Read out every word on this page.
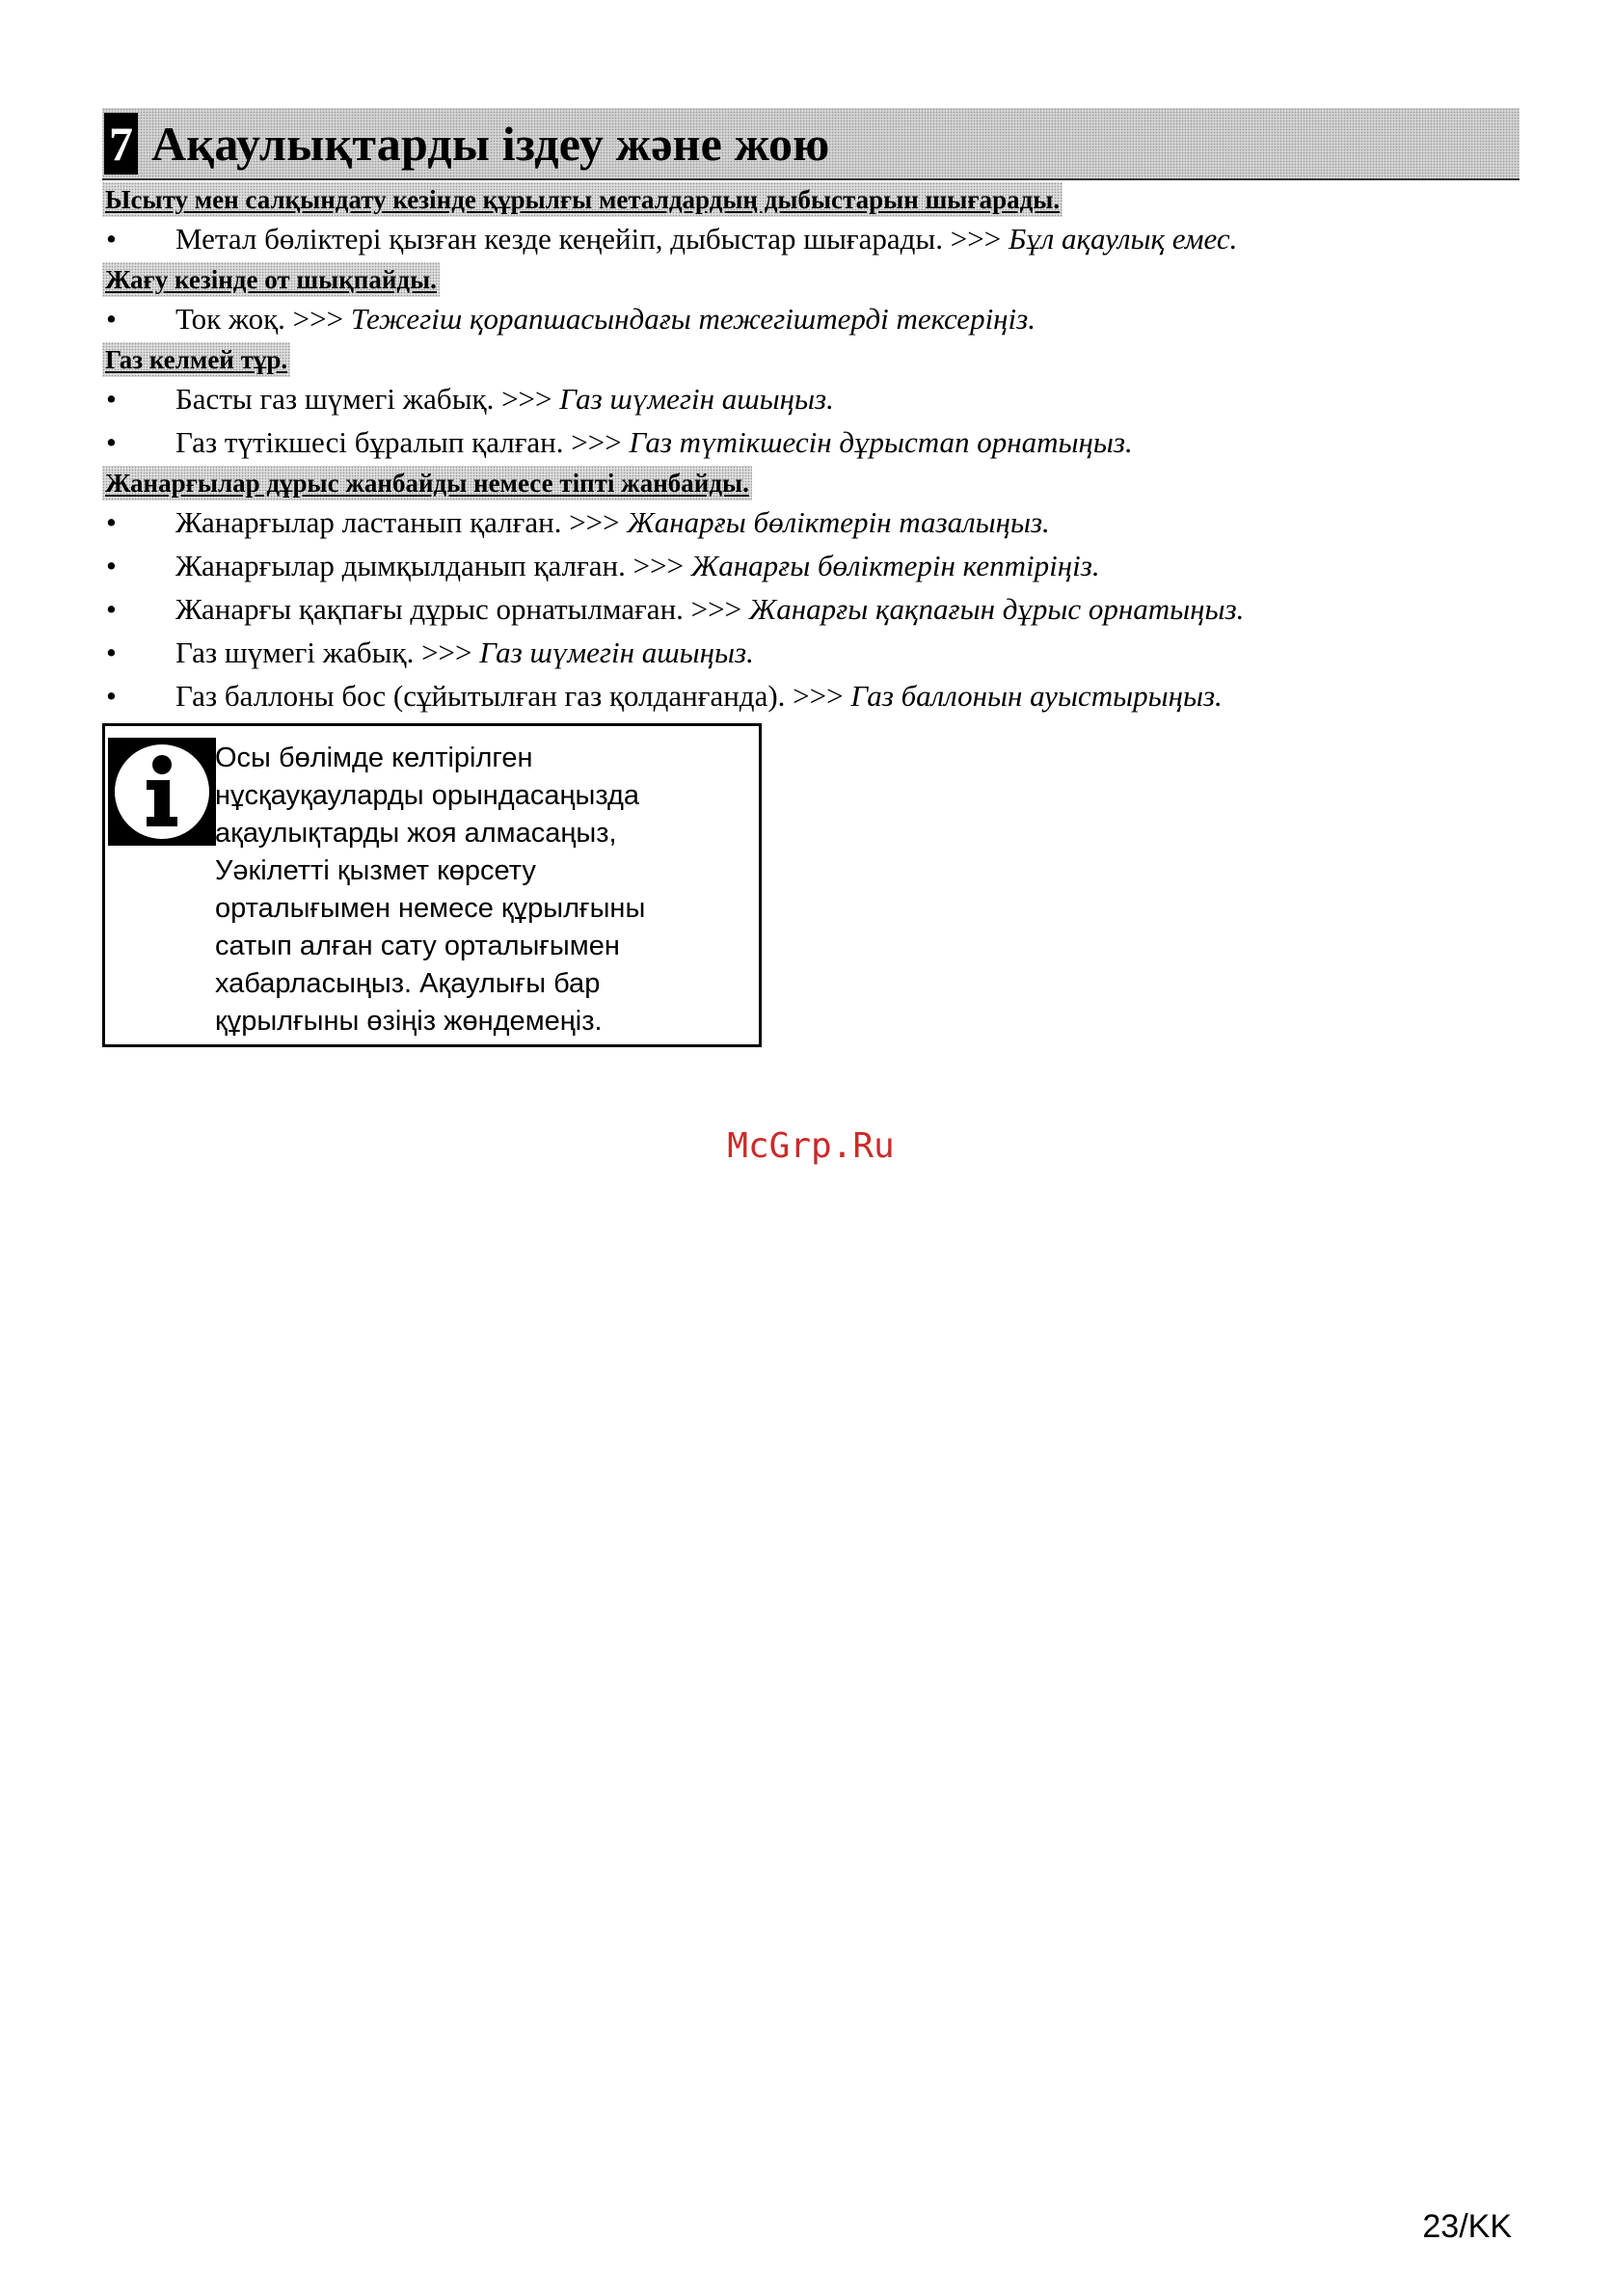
7 Ақаулықтарды іздеу және жою
Ысыту мен салқындату кезінде құрылғы металдардың дыбыстарын шығарады.
• Метал бөліктері қызған кезде кеңейіп, дыбыстар шығарады. >>> Бұл ақаулық емес.
Жағу кезінде от шықпайды.
• Ток жоқ. >>> Тежегіш қорапшасындағы тежегіштерді тексеріңіз.
Газ келмей тұр.
• Басты газ шүмегі жабық. >>> Газ шүмегін ашыңыз.
• Газ түтікшесі бұралып қалған. >>> Газ түтікшесін дұрыстап орнатыңыз.
Жанарғылар дұрыс жанбайды немесе тіпті жанбайды.
• Жанарғылар ластанып қалған. >>> Жанарғы бөліктерін тазалыңыз.
• Жанарғылар дымқылданып қалған. >>> Жанарғы бөліктерін кептіріңіз.
• Жанарғы қақпағы дұрыс орнатылмаған. >>> Жанарғы қақпағын дұрыс орнатыңыз.
• Газ шүмегі жабық. >>> Газ шүмегін ашыңыз.
• Газ баллоны бос (сұйытылған газ қолданғанда). >>> Газ баллонын ауыстырыңыз.
Осы бөлімде келтірілген
нұсқауқауларды орындасаңызда
ақаулықтарды жоя алмасаңыз,
Уәкілетті қызмет көрсету
орталығымен немесе құрылғыны
сатып алған сату орталығымен
хабарласыңыз. Ақаулығы бар
құрылғыны өзіңіз жөндемеңіз.
McGrp.Ru
23/KK
